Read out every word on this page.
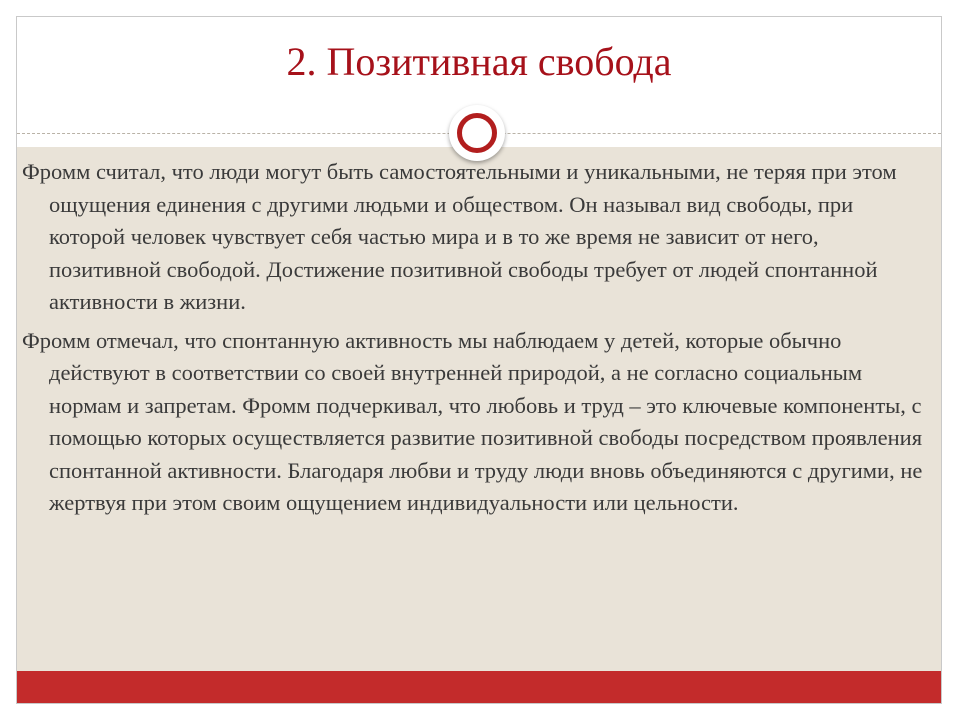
2. Позитивная свобода

Фромм считал, что люди могут быть самостоятельными и уникальными, не теряя при этом ощущения единения с другими людьми и обществом. Он называл вид свободы, при которой человек чувствует себя частью мира и в то же время не зависит от него, позитивной свободой. Достижение позитивной свободы требует от людей спонтанной активности в жизни.

Фромм отмечал, что спонтанную активность мы наблюдаем у детей, которые обычно действуют в соответствии со своей внутренней природой, а не согласно социальным нормам и запретам. Фромм подчеркивал, что любовь и труд – это ключевые компоненты, с помощью которых осуществляется развитие позитивной свободы посредством проявления спонтанной активности. Благодаря любви и труду люди вновь объединяются с другими, не жертвуя при этом своим ощущением индивидуальности или цельности.
